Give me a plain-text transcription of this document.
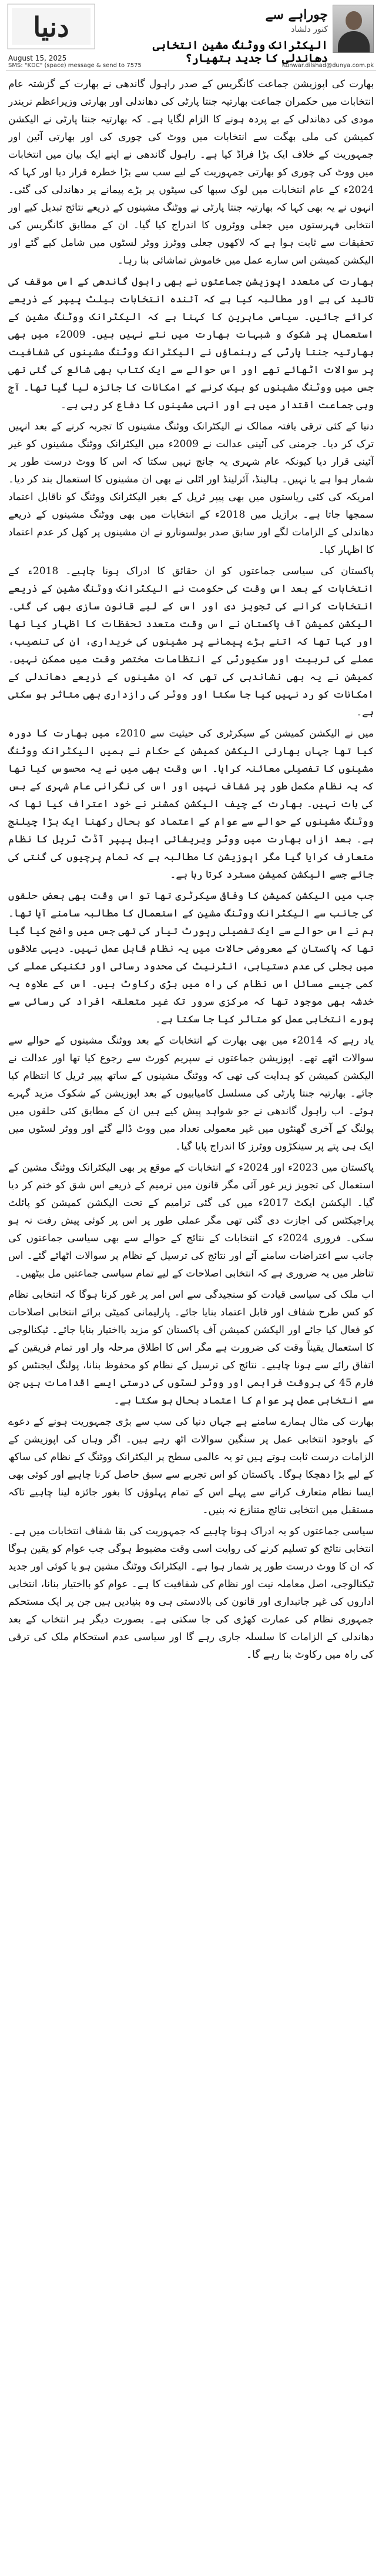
دنیا
August 15, 2025
SMS: "KDC" (space) message & send to 7575	Kunwar.dilshad@dunya.com.pk
چوراہے سے
کنور دلشاد
الیکٹرانک ووٹنگ مشین انتخابی دھاندلی کا جدید ہتھیار؟

بھارت کی اپوزیشن جماعت کانگریس کے صدر راہول گاندھی نے بھارت کے گزشتہ عام انتخابات میں حکمران جماعت بھارتیہ جنتا پارٹی کی دھاندلی اور بھارتی وزیراعظم نریندر مودی کی دھاندلی کے بے پردہ ہونے کا الزام لگایا ہے۔ کہ بھارتیہ جنتا پارٹی نے الیکشن کمیشن کی ملی بھگت سے انتخابات میں ووٹ کی چوری کی اور بھارتی آئین اور جمہوریت کے خلاف ایک بڑا فراڈ کیا ہے۔ راہول گاندھی نے اپنے ایک بیان میں انتخابات میں ووٹ کی چوری کو بھارتی جمہوریت کے لیے سب سے بڑا خطرہ قرار دیا اور کہا کہ 2024ء کے عام انتخابات میں لوک سبھا کی سیٹوں پر بڑے پیمانے پر دھاندلی کی گئی۔ انہوں نے یہ بھی کہا کہ بھارتیہ جنتا پارٹی نے ووٹنگ مشینوں کے ذریعے نتائج تبدیل کیے اور انتخابی فہرستوں میں جعلی ووٹروں کا اندراج کیا گیا۔ ان کے مطابق کانگریس کی تحقیقات سے ثابت ہوا ہے کہ لاکھوں جعلی ووٹرز ووٹر لسٹوں میں شامل کیے گئے اور الیکشن کمیشن اس سارے عمل میں خاموش تماشائی بنا رہا۔

بھارت کی متعدد اپوزیشن جماعتوں نے بھی راہول گاندھی کے اس موقف کی تائید کی ہے اور مطالبہ کیا ہے کہ آئندہ انتخابات بیلٹ پیپر کے ذریعے کرائے جائیں۔ سیاسی ماہرین کا کہنا ہے کہ الیکٹرانک ووٹنگ مشین کے استعمال پر شکوک و شبہات بھارت میں نئے نہیں ہیں۔ 2009ء میں بھی بھارتیہ جنتا پارٹی کے رہنماؤں نے الیکٹرانک ووٹنگ مشینوں کی شفافیت پر سوالات اٹھائے تھے اور اس حوالے سے ایک کتاب بھی شائع کی گئی تھی جس میں ووٹنگ مشینوں کو ہیک کرنے کے امکانات کا جائزہ لیا گیا تھا۔ آج وہی جماعت اقتدار میں ہے اور انہی مشینوں کا دفاع کر رہی ہے۔

دنیا کے کئی ترقی یافتہ ممالک نے الیکٹرانک ووٹنگ مشینوں کا تجربہ کرنے کے بعد انہیں ترک کر دیا۔ جرمنی کی آئینی عدالت نے 2009ء میں الیکٹرانک ووٹنگ مشینوں کو غیر آئینی قرار دیا کیونکہ عام شہری یہ جانچ نہیں سکتا کہ اس کا ووٹ درست طور پر شمار ہوا ہے یا نہیں۔ ہالینڈ، آئرلینڈ اور اٹلی نے بھی ان مشینوں کا استعمال بند کر دیا۔ امریکہ کی کئی ریاستوں میں بھی پیپر ٹریل کے بغیر الیکٹرانک ووٹنگ کو ناقابل اعتماد سمجھا جاتا ہے۔ برازیل میں 2018ء کے انتخابات میں بھی ووٹنگ مشینوں کے ذریعے دھاندلی کے الزامات لگے اور سابق صدر بولسونارو نے ان مشینوں پر کھل کر عدم اعتماد کا اظہار کیا۔

پاکستان کی سیاسی جماعتوں کو ان حقائق کا ادراک ہونا چاہیے۔ 2018ء کے انتخابات کے بعد اس وقت کی حکومت نے الیکٹرانک ووٹنگ مشین کے ذریعے انتخابات کرانے کی تجویز دی اور اس کے لیے قانون سازی بھی کی گئی۔ الیکشن کمیشن آف پاکستان نے اس وقت متعدد تحفظات کا اظہار کیا تھا اور کہا تھا کہ اتنے بڑے پیمانے پر مشینوں کی خریداری، ان کی تنصیب، عملے کی تربیت اور سکیورٹی کے انتظامات مختصر وقت میں ممکن نہیں۔ کمیشن نے یہ بھی نشاندہی کی تھی کہ ان مشینوں کے ذریعے دھاندلی کے امکانات کو رد نہیں کیا جا سکتا اور ووٹر کی رازداری بھی متاثر ہو سکتی ہے۔

میں نے الیکشن کمیشن کے سیکرٹری کی حیثیت سے 2010ء میں بھارت کا دورہ کیا تھا جہاں بھارتی الیکشن کمیشن کے حکام نے ہمیں الیکٹرانک ووٹنگ مشینوں کا تفصیلی معائنہ کرایا۔ اس وقت بھی میں نے یہ محسوس کیا تھا کہ یہ نظام مکمل طور پر شفاف نہیں اور اس کی نگرانی عام شہری کے بس کی بات نہیں۔ بھارت کے چیف الیکشن کمشنر نے خود اعتراف کیا تھا کہ ووٹنگ مشینوں کے حوالے سے عوام کے اعتماد کو بحال رکھنا ایک بڑا چیلنج ہے۔ بعد ازاں بھارت میں ووٹر ویریفائی ایبل پیپر آڈٹ ٹریل کا نظام متعارف کرایا گیا مگر اپوزیشن کا مطالبہ ہے کہ تمام پرچیوں کی گنتی کی جائے جسے الیکشن کمیشن مسترد کرتا رہا ہے۔

جب میں الیکشن کمیشن کا وفاقی سیکرٹری تھا تو اس وقت بھی بعض حلقوں کی جانب سے الیکٹرانک ووٹنگ مشین کے استعمال کا مطالبہ سامنے آیا تھا۔ ہم نے اس حوالے سے ایک تفصیلی رپورٹ تیار کی تھی جس میں واضح کیا گیا تھا کہ پاکستان کے معروضی حالات میں یہ نظام قابل عمل نہیں۔ دیہی علاقوں میں بجلی کی عدم دستیابی، انٹرنیٹ کی محدود رسائی اور تکنیکی عملے کی کمی جیسے مسائل اس نظام کی راہ میں بڑی رکاوٹ ہیں۔ اس کے علاوہ یہ خدشہ بھی موجود تھا کہ مرکزی سرور تک غیر متعلقہ افراد کی رسائی سے پورے انتخابی عمل کو متاثر کیا جا سکتا ہے۔

یاد رہے کہ 2014ء میں بھی بھارت کے انتخابات کے بعد ووٹنگ مشینوں کے حوالے سے سوالات اٹھے تھے۔ اپوزیشن جماعتوں نے سپریم کورٹ سے رجوع کیا تھا اور عدالت نے الیکشن کمیشن کو ہدایت کی تھی کہ ووٹنگ مشینوں کے ساتھ پیپر ٹریل کا انتظام کیا جائے۔ بھارتیہ جنتا پارٹی کی مسلسل کامیابیوں کے بعد اپوزیشن کے شکوک مزید گہرے ہوئے۔ اب راہول گاندھی نے جو شواہد پیش کیے ہیں ان کے مطابق کئی حلقوں میں پولنگ کے آخری گھنٹوں میں غیر معمولی تعداد میں ووٹ ڈالے گئے اور ووٹر لسٹوں میں ایک ہی پتے پر سینکڑوں ووٹرز کا اندراج پایا گیا۔

پاکستان میں 2023ء اور 2024ء کے انتخابات کے موقع پر بھی الیکٹرانک ووٹنگ مشین کے استعمال کی تجویز زیر غور آئی مگر قانون میں ترمیم کے ذریعے اس شق کو ختم کر دیا گیا۔ الیکشن ایکٹ 2017ء میں کی گئی ترامیم کے تحت الیکشن کمیشن کو پائلٹ پراجیکٹس کی اجازت دی گئی تھی مگر عملی طور پر اس پر کوئی پیش رفت نہ ہو سکی۔ فروری 2024ء کے انتخابات کے نتائج کے حوالے سے بھی سیاسی جماعتوں کی جانب سے اعتراضات سامنے آئے اور نتائج کی ترسیل کے نظام پر سوالات اٹھائے گئے۔ اس تناظر میں یہ ضروری ہے کہ انتخابی اصلاحات کے لیے تمام سیاسی جماعتیں مل بیٹھیں۔

اب ملک کی سیاسی قیادت کو سنجیدگی سے اس امر پر غور کرنا ہوگا کہ انتخابی نظام کو کس طرح شفاف اور قابل اعتماد بنایا جائے۔ پارلیمانی کمیٹی برائے انتخابی اصلاحات کو فعال کیا جائے اور الیکشن کمیشن آف پاکستان کو مزید بااختیار بنایا جائے۔ ٹیکنالوجی کا استعمال یقیناً وقت کی ضرورت ہے مگر اس کا اطلاق مرحلہ وار اور تمام فریقین کے اتفاق رائے سے ہونا چاہیے۔ نتائج کی ترسیل کے نظام کو محفوظ بنانا، پولنگ ایجنٹس کو فارم 45 کی بروقت فراہمی اور ووٹر لسٹوں کی درستی ایسے اقدامات ہیں جن سے انتخابی عمل پر عوام کا اعتماد بحال ہو سکتا ہے۔

بھارت کی مثال ہمارے سامنے ہے جہاں دنیا کی سب سے بڑی جمہوریت ہونے کے دعوے کے باوجود انتخابی عمل پر سنگین سوالات اٹھ رہے ہیں۔ اگر وہاں کی اپوزیشن کے الزامات درست ثابت ہوتے ہیں تو یہ عالمی سطح پر الیکٹرانک ووٹنگ کے نظام کی ساکھ کے لیے بڑا دھچکا ہوگا۔ پاکستان کو اس تجربے سے سبق حاصل کرنا چاہیے اور کوئی بھی ایسا نظام متعارف کرانے سے پہلے اس کے تمام پہلوؤں کا بغور جائزہ لینا چاہیے تاکہ مستقبل میں انتخابی نتائج متنازع نہ بنیں۔

سیاسی جماعتوں کو یہ ادراک ہونا چاہیے کہ جمہوریت کی بقا شفاف انتخابات میں ہے۔ انتخابی نتائج کو تسلیم کرنے کی روایت اسی وقت مضبوط ہوگی جب عوام کو یقین ہوگا کہ ان کا ووٹ درست طور پر شمار ہوا ہے۔ الیکٹرانک ووٹنگ مشین ہو یا کوئی اور جدید ٹیکنالوجی، اصل معاملہ نیت اور نظام کی شفافیت کا ہے۔ عوام کو بااختیار بنانا، انتخابی اداروں کی غیر جانبداری اور قانون کی بالادستی ہی وہ بنیادیں ہیں جن پر ایک مستحکم جمہوری نظام کی عمارت کھڑی کی جا سکتی ہے۔ بصورت دیگر ہر انتخاب کے بعد دھاندلی کے الزامات کا سلسلہ جاری رہے گا اور سیاسی عدم استحکام ملک کی ترقی کی راہ میں رکاوٹ بنا رہے گا۔
